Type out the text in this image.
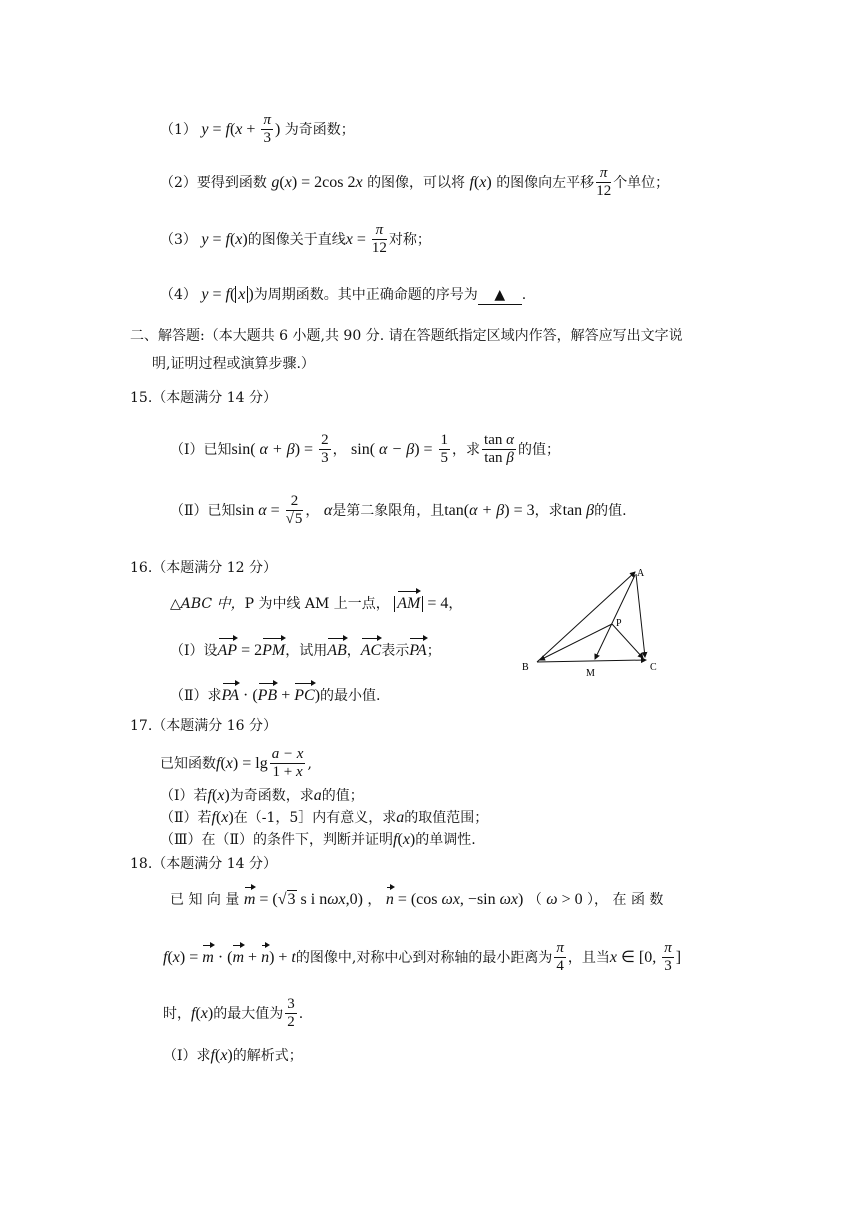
（1） $y = f(x + \frac{\pi}{3}$ ) 为奇函数；
（2）要得到函数 g(x) = 2cos 2x 的图像，可以将 f(x) 的图像向左平移 $\frac{\pi}{12}$ 个单位；
（3） y = f(x)的图像关于直线$x = \frac{\pi}{12}$ 对称；
（4） y = f( x )为周期函数。其中正确命题的序号为 ▲ .
二、解答题:（本大题共 6 小题,共 90 分. 请在答题纸指定区域内作答，解答应写出文字说
明,证明过程或演算步骤.）
15.（本题满分 14 分）
（Ⅰ）已知sin( $\alpha + \beta) = \frac{2}{3}$ ， sin( $\alpha - \beta) = \frac{1}{5}$ ，求 $\frac{\text{tan α}}{\text{tan β}}$ 的值；
（Ⅱ）已知$\sin \alpha = \frac{2}{√5}$ ， α是第二象限角，且tan(α + β) = 3，求tan β的值.
16.（本题满分 12 分）
△ABC 中，P 为中线 AM 上一点， AM = 4，
（Ⅰ）设AP = 2PM，试用AB，AC表示PA；
（Ⅱ）求PA · (PB + PC)的最小值.
A
B	C
M
P
17.（本题满分 16 分）
已知函数$f(x) = \lg \frac{a - x}{1 + x}$ ,
（Ⅰ）若f(x)为奇函数，求a的值；
（Ⅱ）若f(x)在（-1，5］内有意义，求a的取值范围；
（Ⅲ）在（Ⅱ）的条件下，判断并证明f(x)的单调性.
18.（本题满分 14 分）
已 知 向 量 m = (√3 s i nωx,0) ， n = (cos ωx, −sin ωx) （ ω > 0 ）， 在 函 数
f(x) = m · (m + n) + t的图像中,对称中心到对称轴的最小距离为 $\frac{\pi}{4}$ ，且当x ∈ [0, $\frac{\pi}{3}$ ]
时，f(x)的最大值为 $\frac{3}{2}$ .
（Ⅰ）求f(x)的解析式；
